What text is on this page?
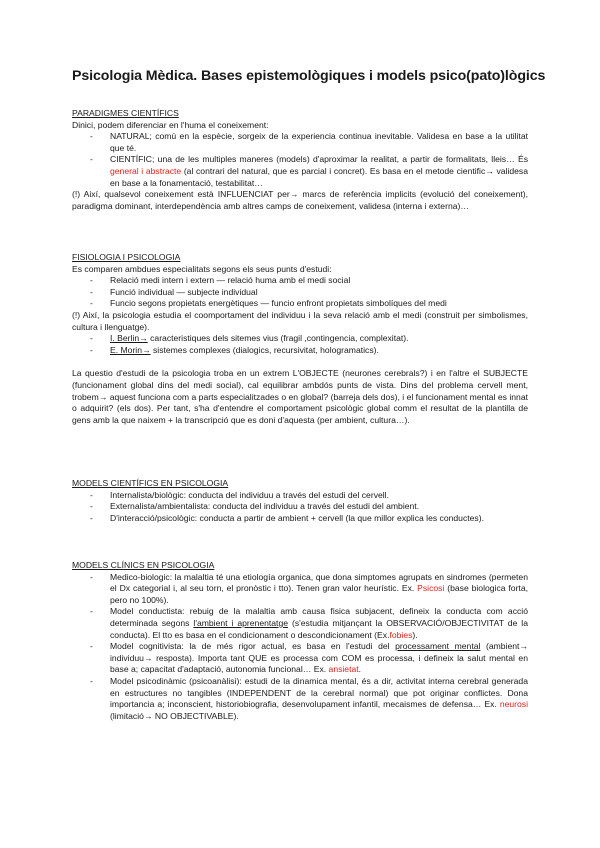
Psicologia Mèdica. Bases epistemològiques i models psico(pato)lògics
PARADIGMES CIENTÍFICS

Dinici, podem diferenciar en l'huma el coneixement:

- NATURAL; comú en la espècie, sorgeix de la experiencia continua inevitable. Validesa en base a la utilitat que té.
- CIENTÍFIC; una de les multiples maneres (models) d'aproximar la realitat, a partir de formalitats, lleis… És general i abstracte (al contrari del natural, que es parcial i concret). Es basa en el metode cientific→ validesa en base a la fonamentació, testabilitat…

(!) Així, qualsevol coneixement està INFLUENCIAT per→ marcs de referència implicits (evolució del coneixement), paradigma dominant, interdependència amb altres camps de coneixement, validesa (interna i externa)…

FISIOLOGIA I PSICOLOGIA

Es comparen ambdues especialitats segons els seus punts d'estudi:

- Relació medi intern i extern — relació huma amb el medi social
- Funció individual — subjecte individual
- Funcio segons propietats energètiques — funcio enfront propietats simbolíques del medi

(!) Així, la psicologia estudia el coomportament del individuu i la seva relació amb el medi (construit per simbolismes, cultura i llenguatge).

- I. Berlin→ caracteristiques dels sitemes vius (fragil ,contingencia, complexitat).
- E. Morin→ sistemes complexes (dialogics, recursivitat, hologramatics).

La questio d'estudi de la psicologia troba en un extrem L'OBJECTE (neurones cerebrals?) i en l'altre el SUBJECTE (funcionament global dins del medi social), cal equilibrar ambdós punts de vista. Dins del problema cervell ment, trobem→ aquest funciona com a parts especialitzades o en global? (barreja dels dos), i el funcionament mental es innat o adquirit? (els dos). Per tant, s'ha d'entendre el comportament psicològic global comm el resultat de la plantilla de gens amb la que naixem + la transcripció que es doni d'aquesta (per ambient, cultura…).

MODELS CIENTÍFICS EN PSICOLOGIA
- Internalista/biològic: conducta del individuu a través del estudi del cervell.
- Externalista/ambientalista: conducta del individuu a través del estudi del ambient.
- D'interacció/psicològic: conducta a partir de ambient + cervell (la que millor explica les conductes).
MODELS CLÍNICS EN PSICOLOGIA
- Medico-biologic: la malaltia té una etiología organica, que dona simptomes agrupats en sindromes (permeten el Dx categorial i, al seu torn, el pronòstic i tto). Tenen gran valor heurístic. Ex. Psicosi (base biologica forta, pero no 100%).
- Model conductista: rebuig de la malaltia amb causa fisica subjacent, defineix la conducta com acció determinada segons l'ambient i aprenentatge (s'estudia mitjançant la OBSERVACIÓ/OBJECTIVITAT de la conducta). El tto es basa en el condicionament o descondicionament (Ex.fobies).
- Model cognitivista: la de més rigor actual, es basa en l'estudi del processament mental (ambient→ individuu→ resposta). Importa tant QUE es processa com COM es processa, i defineix la salut mental en base a; capacitat d'adaptació, autonomia funcional… Ex. ansietat.
- Model psicodinàmic (psicoanàlisi): estudi de la dinamica mental, és a dir, activitat interna cerebral generada en estructures no tangibles (INDEPENDENT de la cerebral normal) que pot originar conflictes. Dona importancia a; inconscient, historiobiografia, desenvolupament infantil, mecaismes de defensa… Ex. neurosi (limitació→ NO OBJECTIVABLE).
